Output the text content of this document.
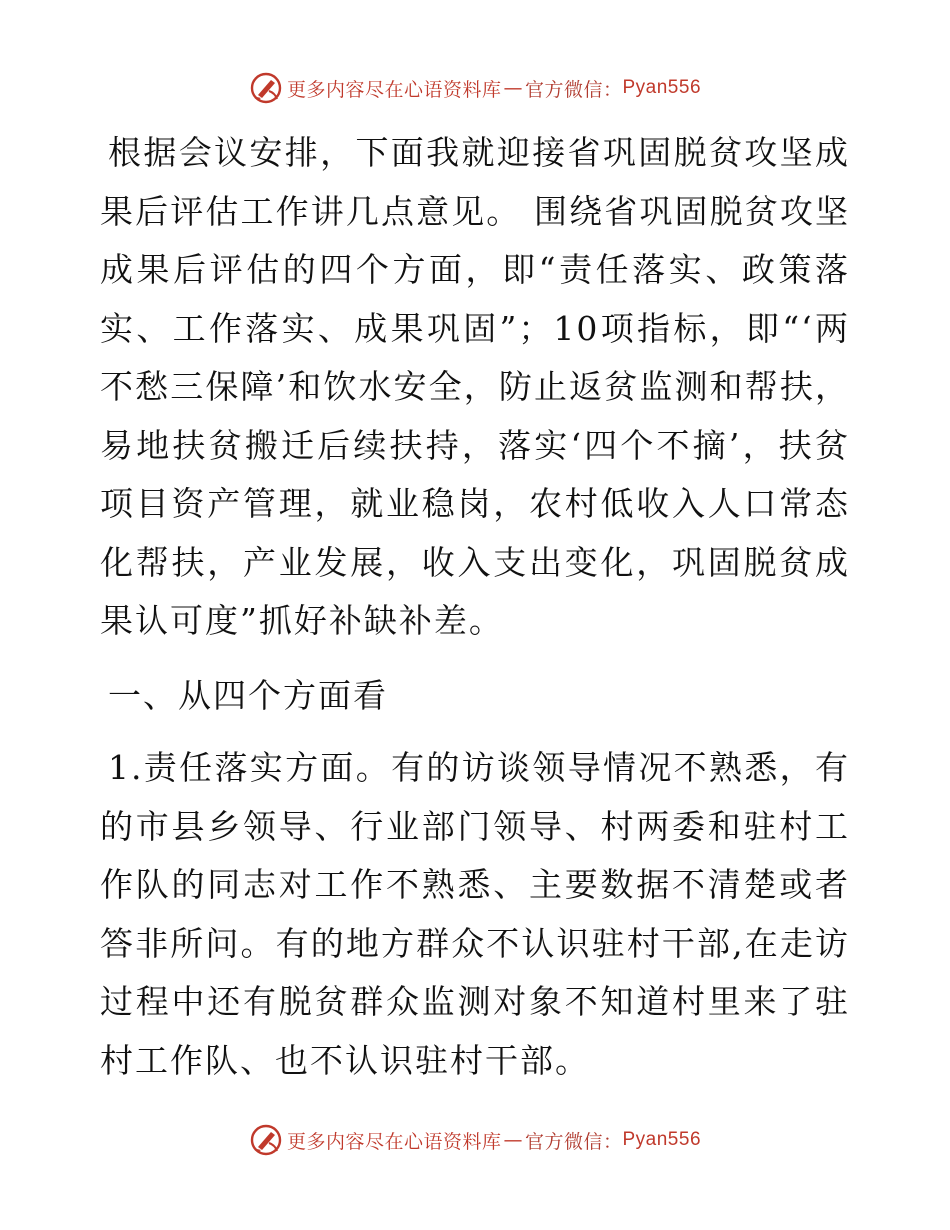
更多内容尽在心语资料库 — 官方微信： Pyan556

根据会议安排，下面我就迎接省巩固脱贫攻坚成果后评估工作讲几点意见。 围绕省巩固脱贫攻坚成果后评估的四个方面，即“责任落实、政策落实、工作落实、成果巩固”；10项指标，即“‘两不愁三保障’和饮水安全，防止返贫监测和帮扶，易地扶贫搬迁后续扶持，落实‘四个不摘’，扶贫项目资产管理，就业稳岗，农村低收入人口常态化帮扶，产业发展，收入支出变化，巩固脱贫成果认可度”抓好补缺补差。

一、从四个方面看

1.责任落实方面。有的访谈领导情况不熟悉，有的市县乡领导、行业部门领导、村两委和驻村工作队的同志对工作不熟悉、主要数据不清楚或者答非所问。有的地方群众不认识驻村干部,在走访过程中还有脱贫群众监测对象不知道村里来了驻村工作队、也不认识驻村干部。

更多内容尽在心语资料库 — 官方微信： Pyan556
